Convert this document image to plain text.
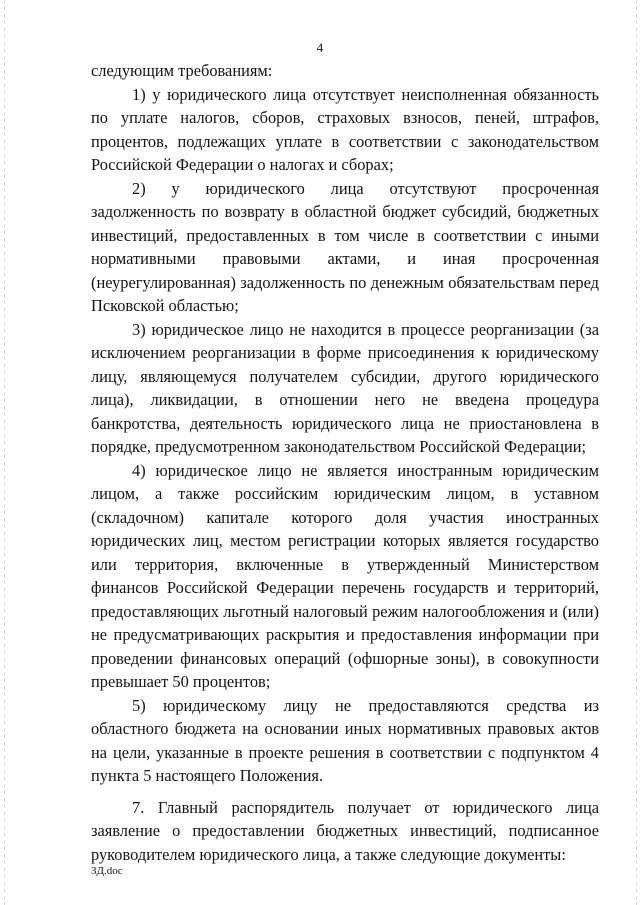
4

следующим требованиям:

1) у юридического лица отсутствует неисполненная обязанность по уплате налогов, сборов, страховых взносов, пеней, штрафов, процентов, подлежащих уплате в соответствии с законодательством Российской Федерации о налогах и сборах;

2) у юридического лица отсутствуют просроченная задолженность по возврату в областной бюджет субсидий, бюджетных инвестиций, предоставленных в том числе в соответствии с иными нормативными правовыми актами, и иная просроченная (неурегулированная) задолженность по денежным обязательствам перед Псковской областью;

3) юридическое лицо не находится в процессе реорганизации (за исключением реорганизации в форме присоединения к юридическому лицу, являющемуся получателем субсидии, другого юридического лица), ликвидации, в отношении него не введена процедура банкротства, деятельность юридического лица не приостановлена в порядке, предусмотренном законодательством Российской Федерации;

4) юридическое лицо не является иностранным юридическим лицом, а также российским юридическим лицом, в уставном (складочном) капитале которого доля участия иностранных юридических лиц, местом регистрации которых является государство или территория, включенные в утвержденный Министерством финансов Российской Федерации перечень государств и территорий, предоставляющих льготный налоговый режим налогообложения и (или) не предусматривающих раскрытия и предоставления информации при проведении финансовых операций (офшорные зоны), в совокупности превышает 50 процентов;

5) юридическому лицу не предоставляются средства из областного бюджета на основании иных нормативных правовых актов на цели, указанные в проекте решения в соответствии с подпунктом 4 пункта 5 настоящего Положения.

7. Главный распорядитель получает от юридического лица заявление о предоставлении бюджетных инвестиций, подписанное руководителем юридического лица, а также следующие документы:

3Д.doc
